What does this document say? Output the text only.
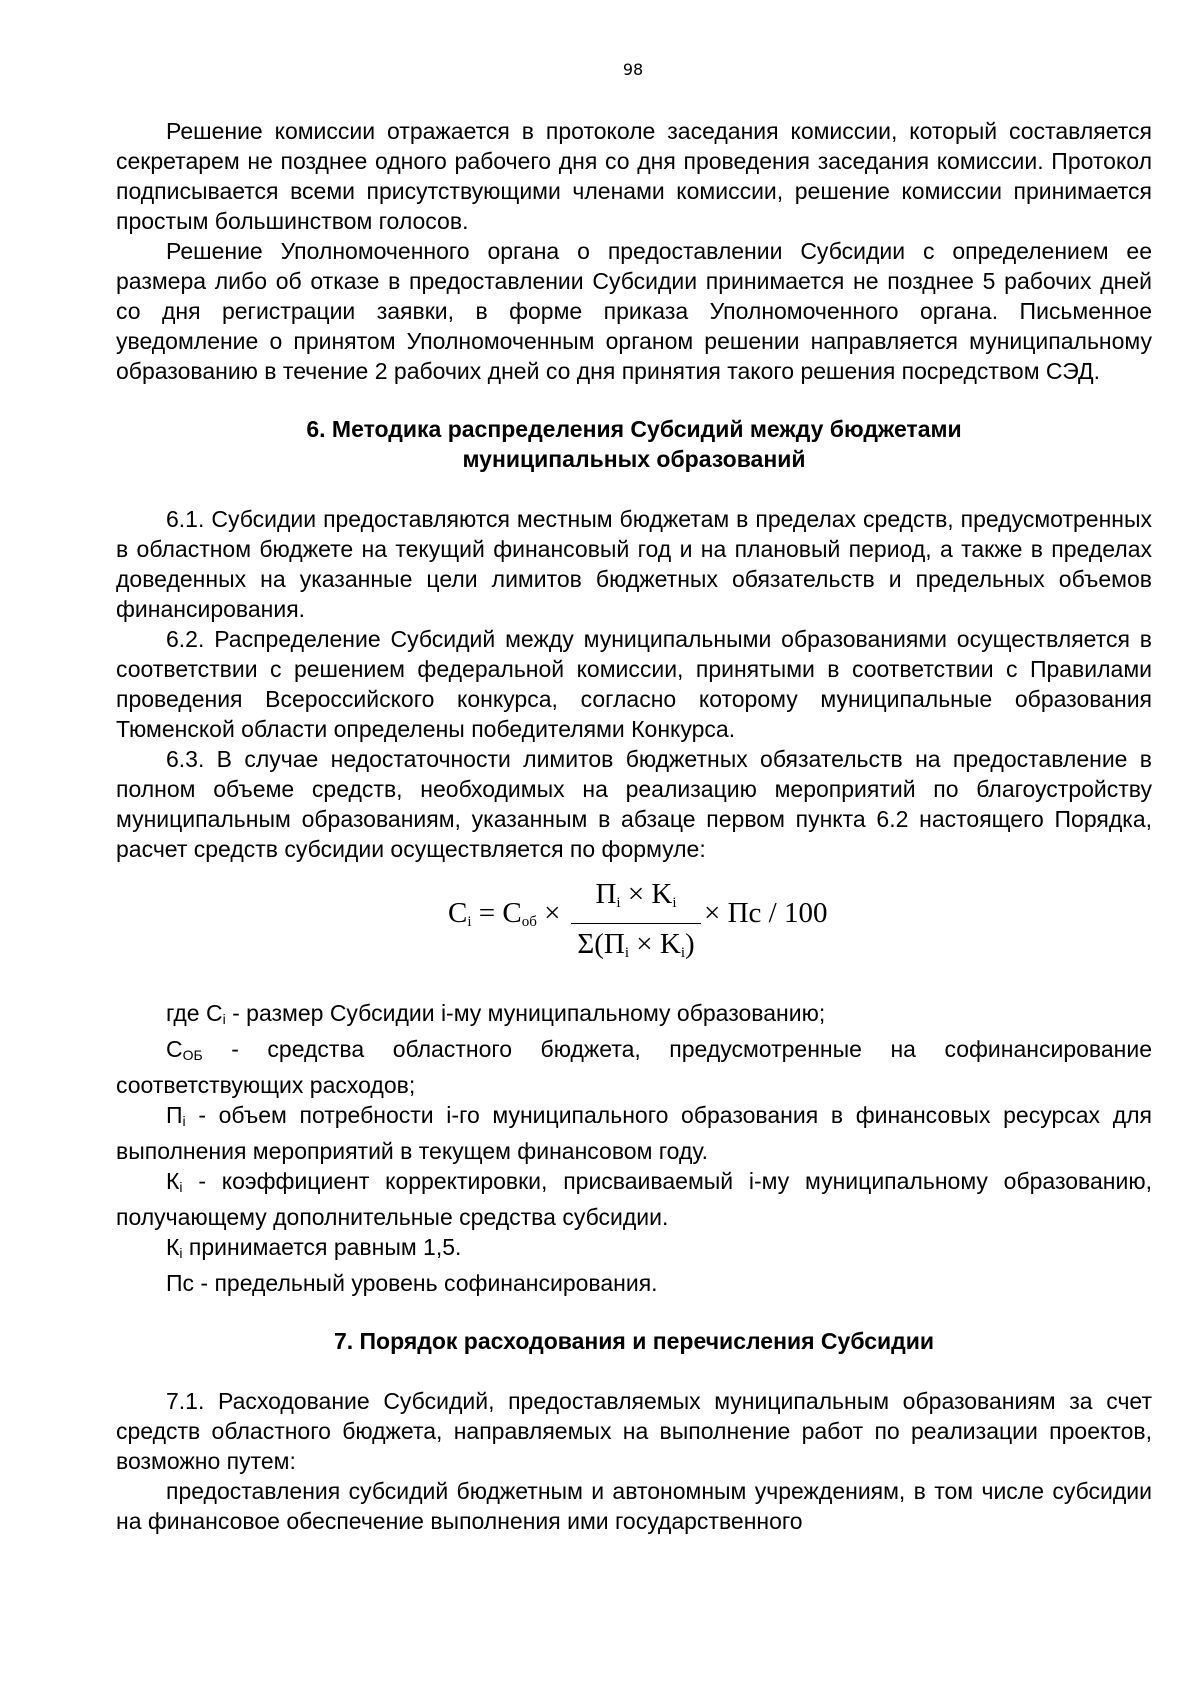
98

Решение комиссии отражается в протоколе заседания комиссии, который составляется секретарем не позднее одного рабочего дня со дня проведения заседания комиссии. Протокол подписывается всеми присутствующими членами комиссии, решение комиссии принимается простым большинством голосов.

Решение Уполномоченного органа о предоставлении Субсидии с определением ее размера либо об отказе в предоставлении Субсидии принимается не позднее 5 рабочих дней со дня регистрации заявки, в форме приказа Уполномоченного органа. Письменное уведомление о принятом Уполномоченным органом решении направляется муниципальному образованию в течение 2 рабочих дней со дня принятия такого решения посредством СЭД.

6. Методика распределения Субсидий между бюджетами
муниципальных образований

6.1. Субсидии предоставляются местным бюджетам в пределах средств, предусмотренных в областном бюджете на текущий финансовый год и на плановый период, а также в пределах доведенных на указанные цели лимитов бюджетных обязательств и предельных объемов финансирования.

6.2. Распределение Субсидий между муниципальными образованиями осуществляется в соответствии с решением федеральной комиссии, принятыми в соответствии с Правилами проведения Всероссийского конкурса, согласно которому муниципальные образования Тюменской области определены победителями Конкурса.

6.3. В случае недостаточности лимитов бюджетных обязательств на предоставление в полном объеме средств, необходимых на реализацию мероприятий по благоустройству муниципальным образованиям, указанным в абзаце первом пункта 6.2 настоящего Порядка, расчет средств субсидии осуществляется по формуле:

$C_i = C_{об}$ ×
$П_i \times K_i$
$\Sigma(П_i \times K_i)$
× Пс / 100

где $C_i$ - размер Субсидии i-му муниципальному образованию;

$С_{ОБ}$ - средства областного бюджета, предусмотренные на софинансирование соответствующих расходов;

$П_i$ - объем потребности i-го муниципального образования в финансовых ресурсах для выполнения мероприятий в текущем финансовом году.

$К_i$ - коэффициент корректировки, присваиваемый i-му муниципальному образованию, получающему дополнительные средства субсидии.

$К_i$ принимается равным 1,5.

Пс - предельный уровень софинансирования.

7. Порядок расходования и перечисления Субсидии

7.1. Расходование Субсидий, предоставляемых муниципальным образованиям за счет средств областного бюджета, направляемых на выполнение работ по реализации проектов, возможно путем:

предоставления субсидий бюджетным и автономным учреждениям, в том числе субсидии на финансовое обеспечение выполнения ими государственного
